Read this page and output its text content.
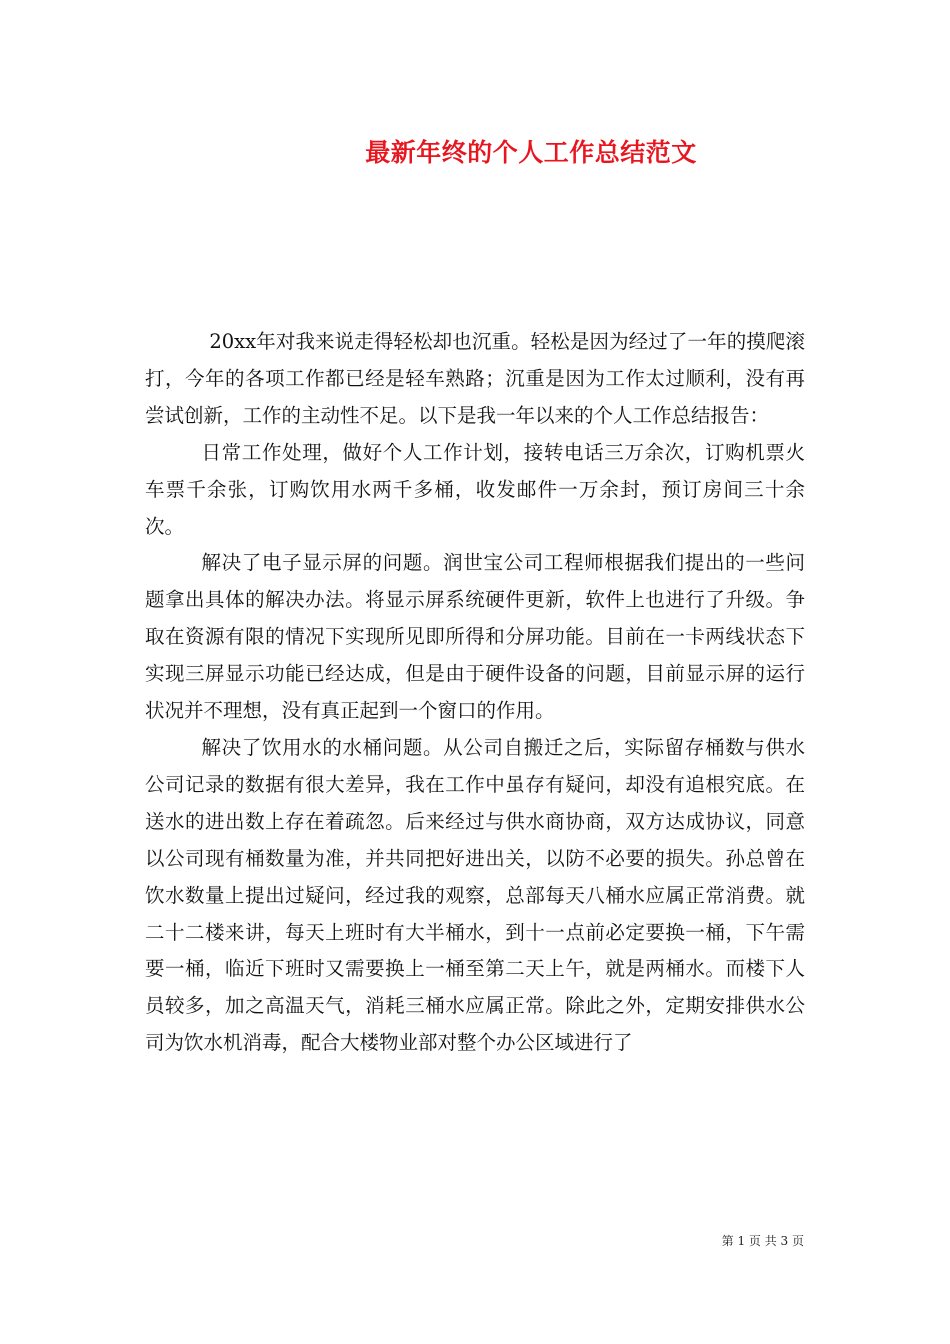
最新年终的个人工作总结范文

20xx年对我来说走得轻松却也沉重。轻松是因为经过了一年的摸爬滚打，今年的各项工作都已经是轻车熟路；沉重是因为工作太过顺利，没有再尝试创新，工作的主动性不足。以下是我一年以来的个人工作总结报告：

日常工作处理，做好个人工作计划，接转电话三万余次，订购机票火车票千余张，订购饮用水两千多桶，收发邮件一万余封，预订房间三十余次。

解决了电子显示屏的问题。润世宝公司工程师根据我们提出的一些问题拿出具体的解决办法。将显示屏系统硬件更新，软件上也进行了升级。争取在资源有限的情况下实现所见即所得和分屏功能。目前在一卡两线状态下实现三屏显示功能已经达成，但是由于硬件设备的问题，目前显示屏的运行状况并不理想，没有真正起到一个窗口的作用。

解决了饮用水的水桶问题。从公司自搬迁之后，实际留存桶数与供水公司记录的数据有很大差异，我在工作中虽存有疑问，却没有追根究底。在送水的进出数上存在着疏忽。后来经过与供水商协商，双方达成协议，同意以公司现有桶数量为准，并共同把好进出关，以防不必要的损失。孙总曾在饮水数量上提出过疑问，经过我的观察，总部每天八桶水应属正常消费。就二十二楼来讲，每天上班时有大半桶水，到十一点前必定要换一桶，下午需要一桶，临近下班时又需要换上一桶至第二天上午，就是两桶水。而楼下人员较多，加之高温天气，消耗三桶水应属正常。除此之外，定期安排供水公司为饮水机消毒，配合大楼物业部对整个办公区域进行了

第 1 页 共 3 页
